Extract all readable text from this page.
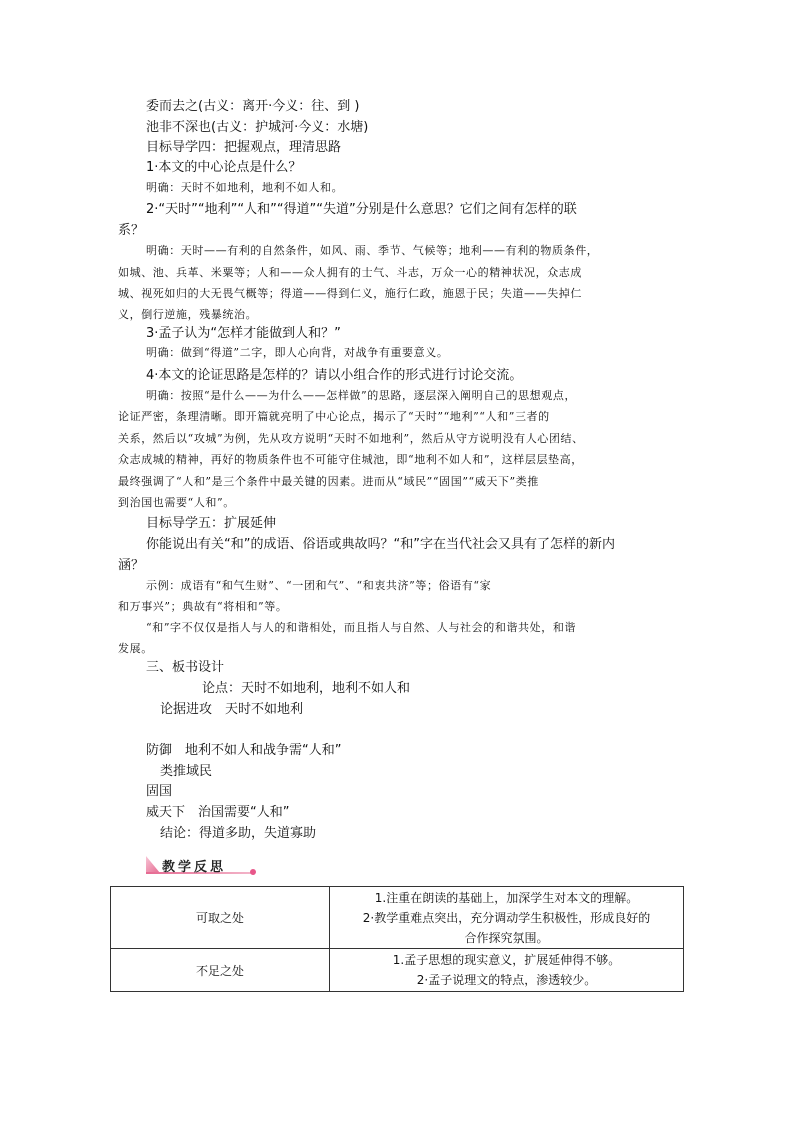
委而去之(古义：离开·今义：往、到 )
池非不深也(古义：护城河·今义：水塘)
目标导学四：把握观点，理清思路
1·本文的中心论点是什么？
明确：天时不如地利，地利不如人和。
2·“天时”“地利”“人和”“得道”“失道”分别是什么意思？它们之间有怎样的联
系？
明确：天时——有利的自然条件，如风、雨、季节、气候等；地利——有利的物质条件，
如城、池、兵革、米粟等；人和——众人拥有的士气、斗志，万众一心的精神状况，众志成
城、视死如归的大无畏气概等；得道——得到仁义，施行仁政，施恩于民；失道——失掉仁
义，倒行逆施，残暴统治。
3·孟子认为“怎样才能做到人和？”
明确：做到“得道”二字，即人心向背，对战争有重要意义。
4·本文的论证思路是怎样的？请以小组合作的形式进行讨论交流。
明确：按照“是什么——为什么——怎样做”的思路，逐层深入阐明自己的思想观点，
论证严密，条理清晰。即开篇就亮明了中心论点，揭示了“天时”“地利”“人和”三者的
关系，然后以“攻城”为例，先从攻方说明“天时不如地利”，然后从守方说明没有人心团结、
众志成城的精神，再好的物质条件也不可能守住城池，即“地利不如人和”，这样层层垫高，
最终强调了“人和”是三个条件中最关键的因素。进而从“域民”“固国”“威天下”类推
到治国也需要“人和”。
目标导学五：扩展延伸
你能说出有关“和”的成语、俗语或典故吗？“和”字在当代社会又具有了怎样的新内
涵？
示例：成语有“和气生财”、“一团和气”、“和衷共济”等；俗语有“家
和万事兴”；典故有“将相和”等。
“和”字不仅仅是指人与人的和谐相处，而且指人与自然、人与社会的和谐共处，和谐
发展。
三、板书设计
论点：天时不如地利，地利不如人和
论据进攻　天时不如地利
防御　地利不如人和战争需“人和”
类推域民
固国
威天下　治国需要“人和”
结论：得道多助，失道寡助
教学反思
可取之处	1.注重在朗读的基础上，加深学生对本文的理解。
2·教学重难点突出，充分调动学生积极性，形成良好的
合作探究氛围。

不足之处	1.孟子思想的现实意义，扩展延伸得不够。
2·孟子说理文的特点，渗透较少。
